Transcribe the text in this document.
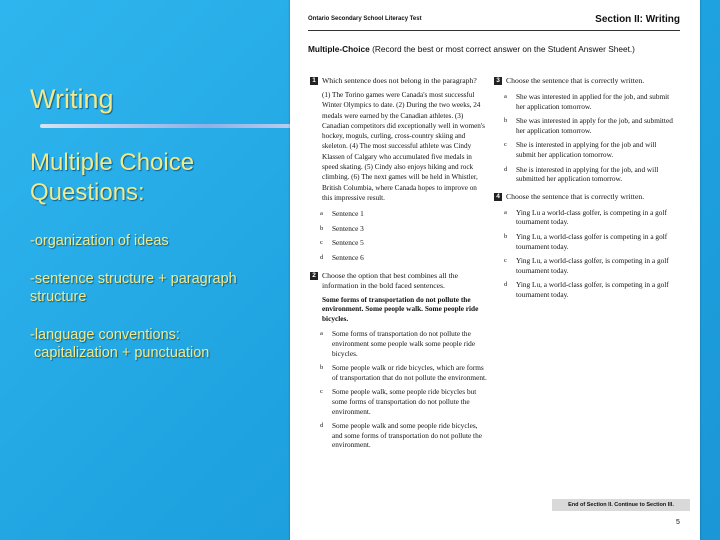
Writing
Multiple Choice Questions:
-organization of ideas
-sentence structure + paragraph structure
-language conventions:
capitalization + punctuation
Ontario Secondary School Literacy Test	Section II: Writing
Multiple-Choice (Record the best or most correct answer on the Student Answer Sheet.)
1 Which sentence does not belong in the paragraph?
(1) The Torino games were Canada's most successful Winter Olympics to date. (2) During the two weeks, 24 medals were earned by the Canadian athletes. (3) Canadian competitors did exceptionally well in women's hockey, moguls, curling, cross-country skiing and skeleton. (4) The most successful athlete was Cindy Klassen of Calgary who accumulated five medals in speed skating. (5) Cindy also enjoys hiking and rock climbing. (6) The next games will be held in Whistler, British Columbia, where Canada hopes to improve on this impressive result.
a Sentence 1
b Sentence 3
c Sentence 5
d Sentence 6
2 Choose the option that best combines all the information in the bold faced sentences.
Some forms of transportation do not pollute the environment. Some people walk. Some people ride bicycles.
a Some forms of transportation do not pollute the environment some people walk some people ride bicycles.
b Some people walk or ride bicycles, which are forms of transportation that do not pollute the environment.
c Some people walk, some people ride bicycles but some forms of transportation do not pollute the environment.
d Some people walk and some people ride bicycles, and some forms of transportation do not pollute the environment.
3 Choose the sentence that is correctly written.
a She was interested in applied for the job, and submit her application tomorrow.
b She was interested in apply for the job, and submitted her application tomorrow.
c She is interested in applying for the job and will submit her application tomorrow.
d She is interested in applying for the job, and will submitted her application tomorrow.
4 Choose the sentence that is correctly written.
a Ying Lu a world-class golfer, is competing in a golf tournament today.
b Ying Lu, a world-class golfer is competing in a golf tournament today.
c Ying Lu, a world-class golfer, is competing in a golf tournament today.
d Ying Lu, a world-class golfer, is competing in a golf tournament today.
End of Section II. Continue to Section III.
5
